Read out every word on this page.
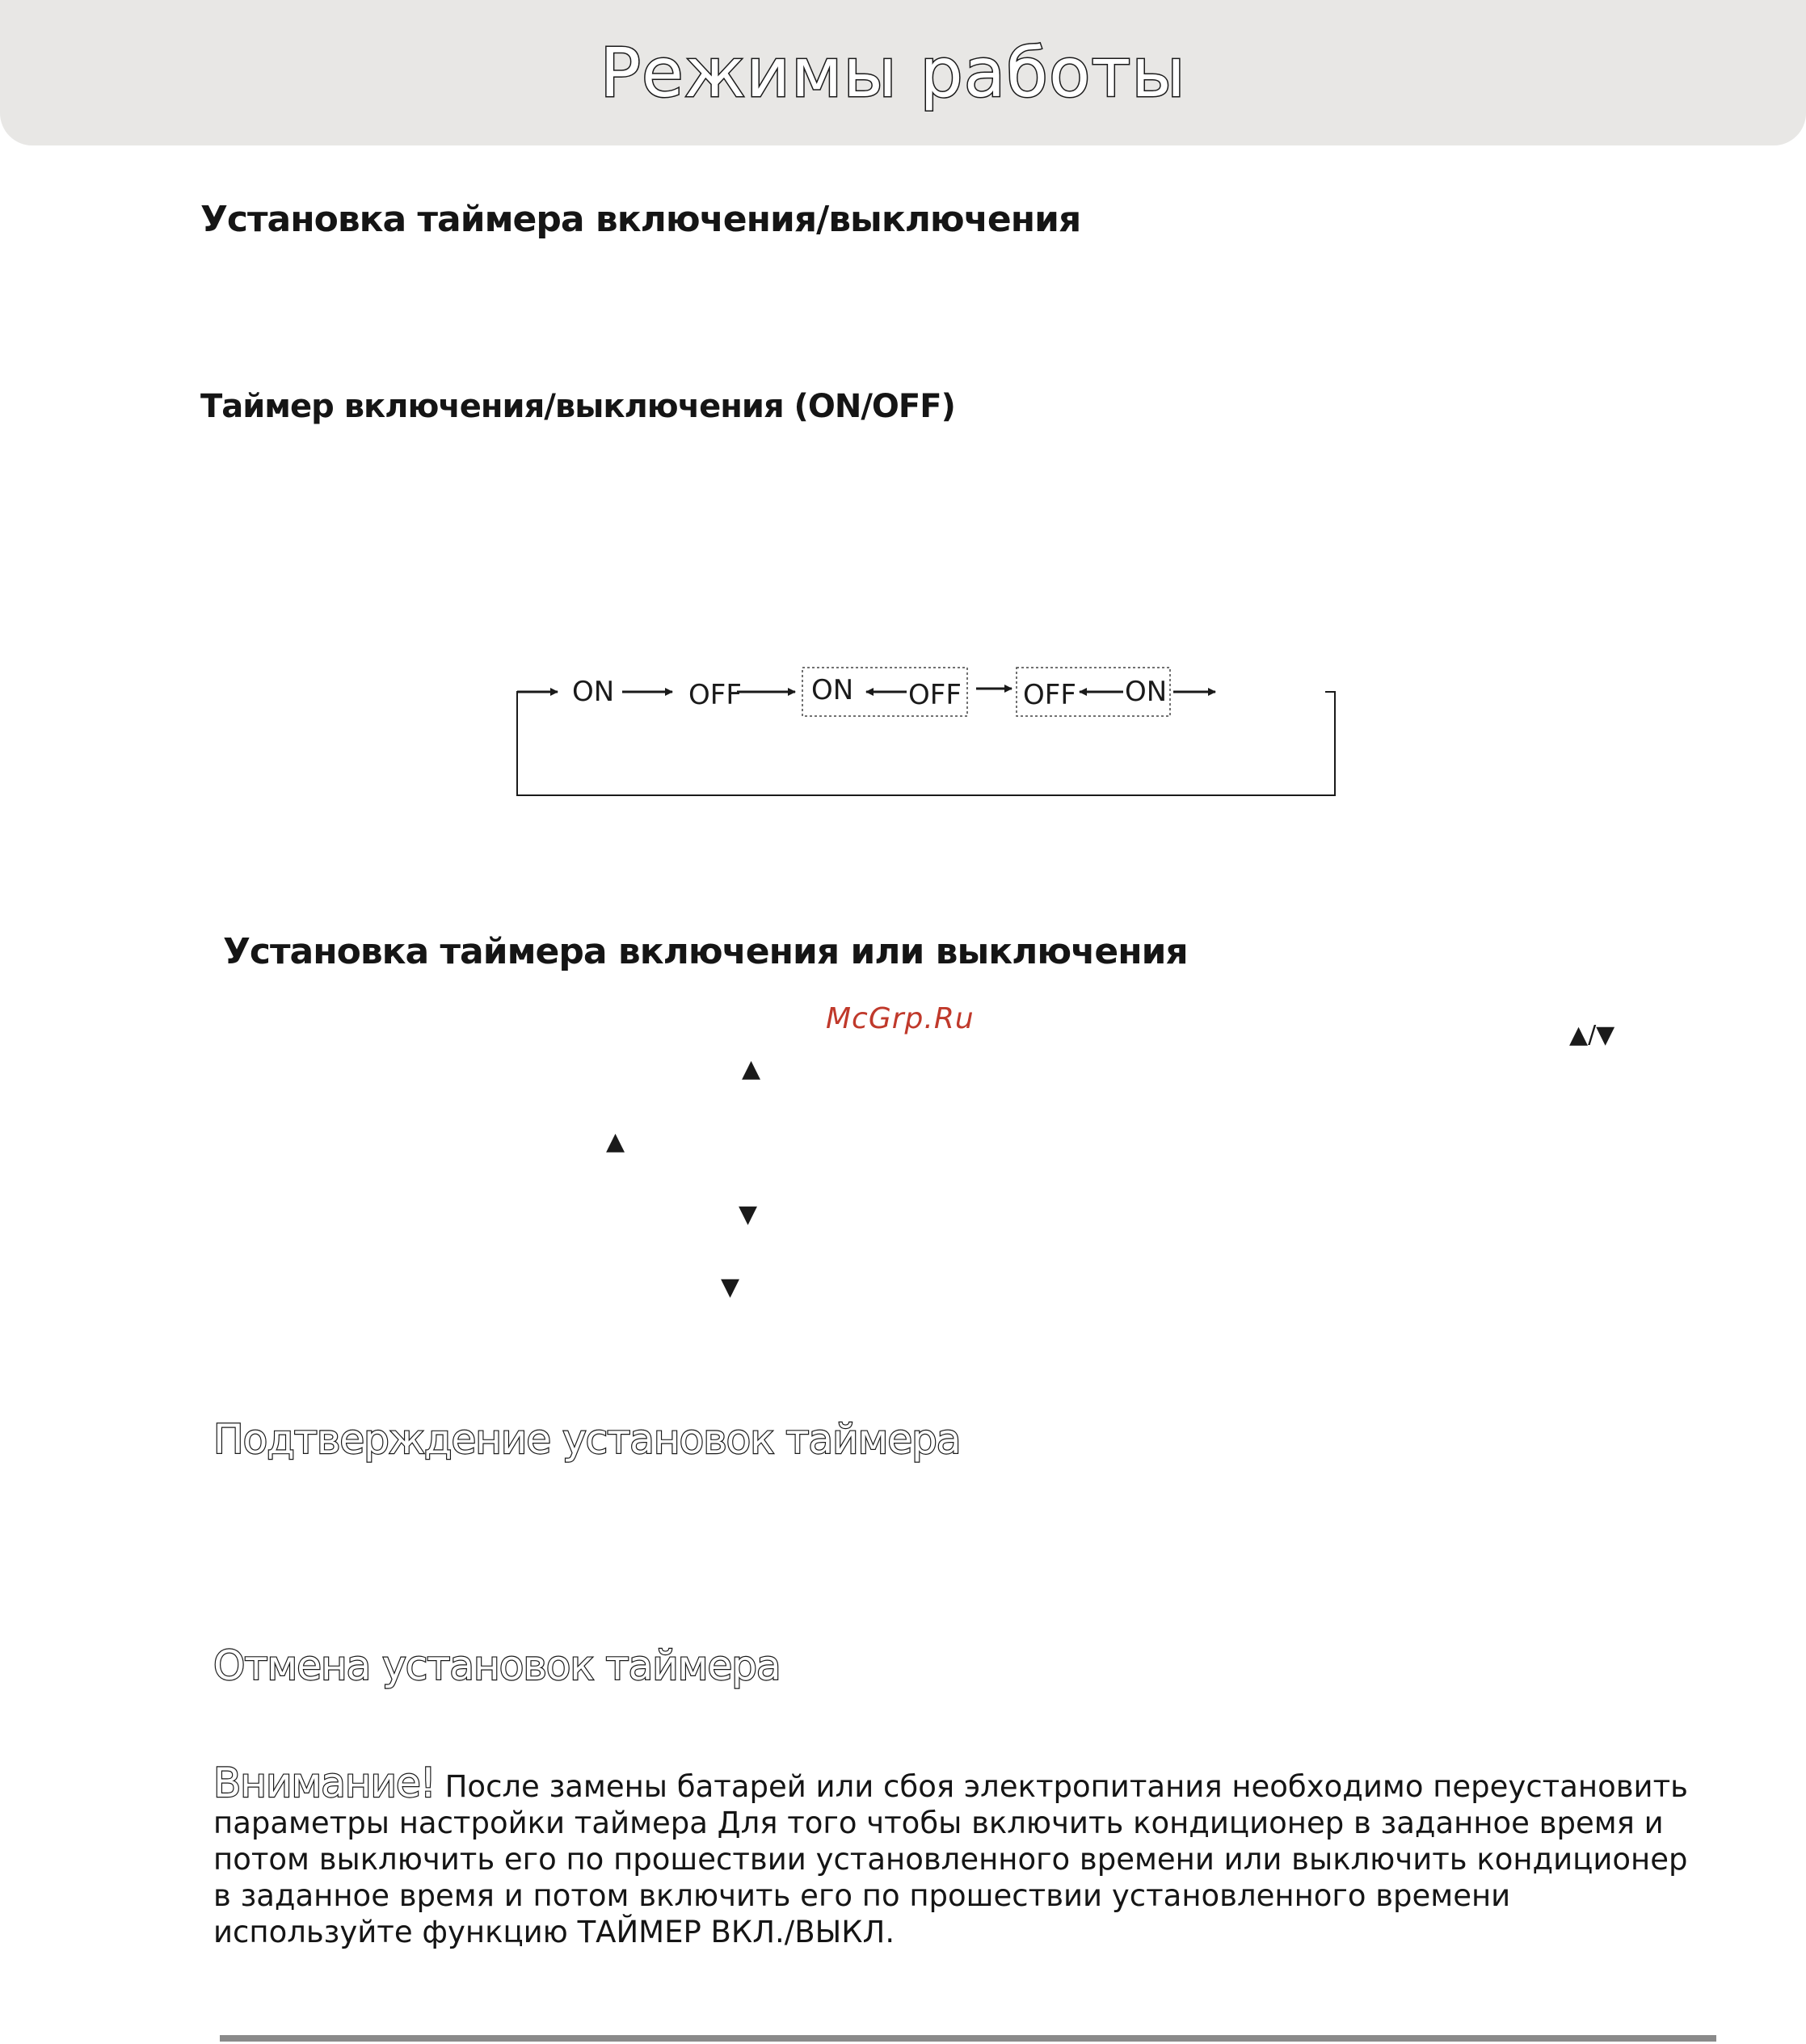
Режимы работы
Установка таймера включения/выключения
Таймер включения/выключения (ON/OFF)
ON	OFF	ON OFF OFF ON
Установка таймера включения или выключения
McGrp.Ru	▲/▼
▲
▲
▼
▼
Подтверждение установок таймера
Отмена установок таймера
Внимание! После замены батарей или сбоя электропитания необходимо переустановить параметры настройки таймера Для того чтобы включить кондиционер в заданное время и потом выключить его по прошествии установленного времени или выключить кондиционер в заданное время и потом включить его по прошествии установленного времени используйте функцию ТАЙМЕР ВКЛ./ВЫКЛ.
